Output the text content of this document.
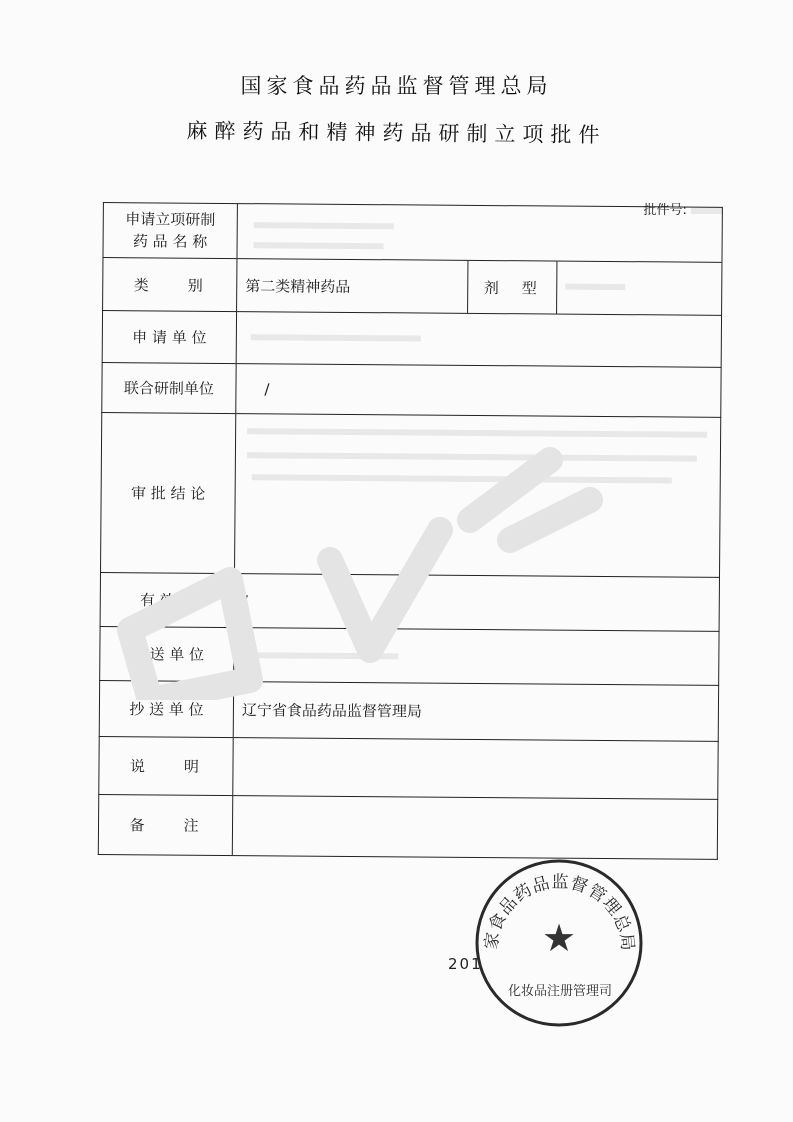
国家食品药品监督管理总局
麻醉药品和精神药品研制立项批件
批件号:
申请立项研制
药 品 名 称
类　　别	第二类精神药品	剂　型
申 请 单 位
联合研制单位	/
审 批 结 论
有 效 期	/
主 送 单 位
抄 送 单 位	辽宁省食品药品监督管理局
说　　明
备　　注
家食品药品监督管理总局
★
化妆品注册管理司
201
